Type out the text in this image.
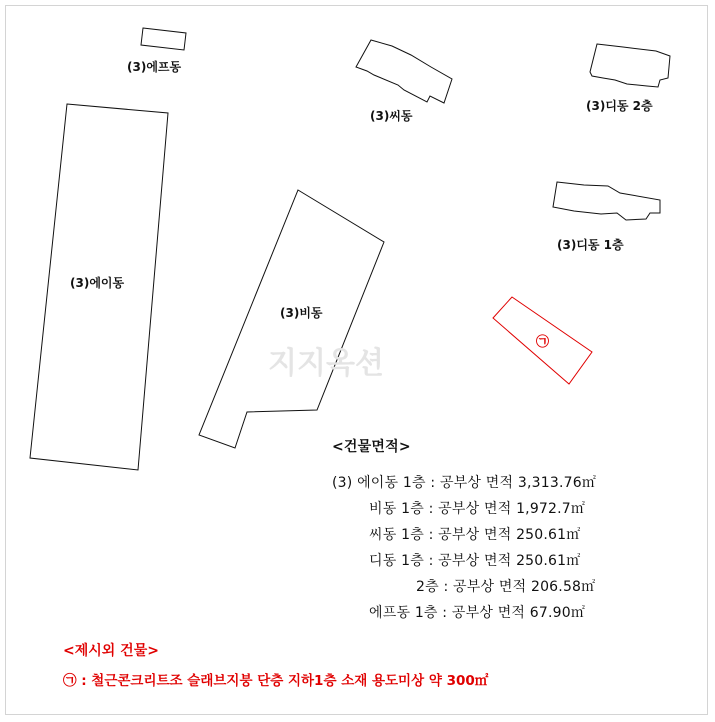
지지옥션
(3)에프동
(3)씨동
(3)디동 2층
(3)디동 1층
(3)에이동
(3)비동
㉠
<건물면적>
(3) 에이동 1층 : 공부상 면적 3,313.76㎡
비동 1층 : 공부상 면적 1,972.7㎡
씨동 1층 : 공부상 면적 250.61㎡
디동 1층 : 공부상 면적 250.61㎡
2층 : 공부상 면적 206.58㎡
에프동 1층 : 공부상 면적 67.90㎡
<제시외 건물>
㉠ : 철근콘크리트조 슬래브지붕 단층 지하1층 소재 용도미상 약 300㎡
